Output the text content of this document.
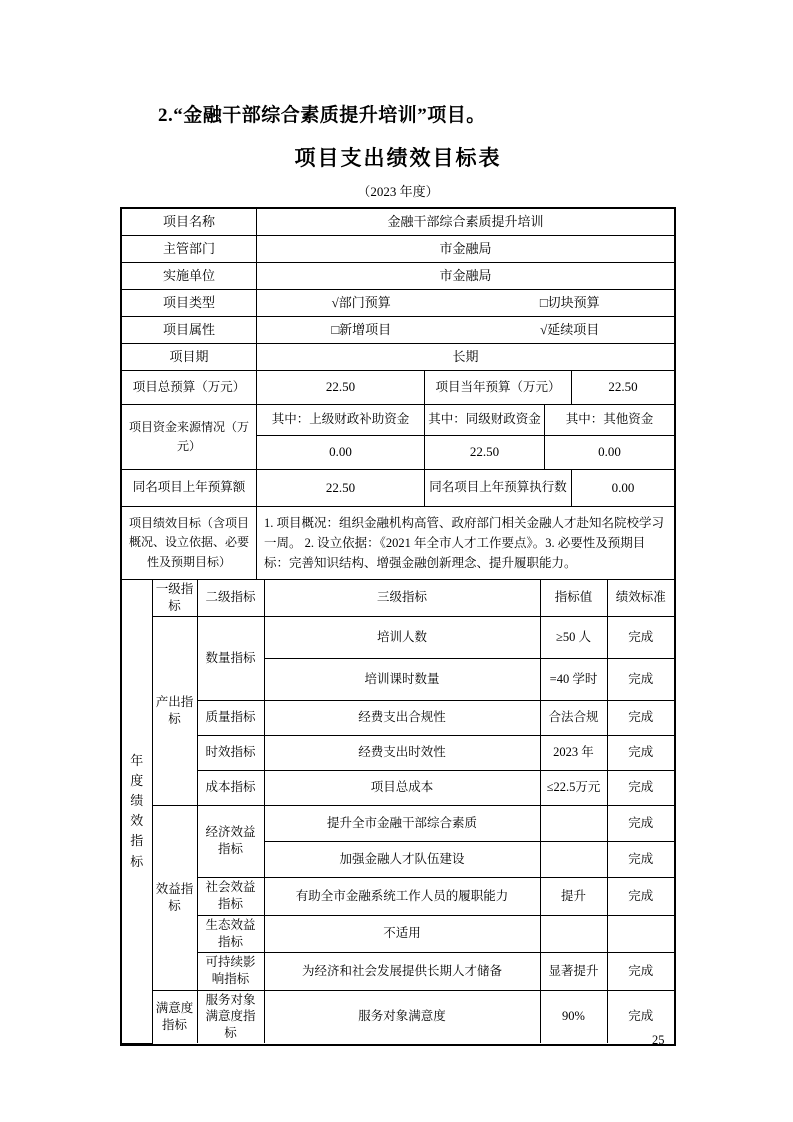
2.“金融干部综合素质提升培训”项目。
项目支出绩效目标表
（2023 年度）
项目名称	金融干部综合素质提升培训
主管部门	市金融局
实施单位	市金融局
项目类型	√部门预算	□切块预算
项目属性	□新增项目	√延续项目
项目期	长期
项目总预算（万元）	22.50	项目当年预算（万元）	22.50
项目资金来源情况（万元）
其中：上级财政补助资金	其中：同级财政资金	其中：其他资金
0.00	22.50	0.00
同名项目上年预算额	22.50	同名项目上年预算执行数	0.00
项目绩效目标（含项目概况、设立依据、必要性及预期目标）
1. 项目概况：组织金融机构高管、政府部门相关金融人才赴知名院校学习一周。 2. 设立依据：《2021 年全市人才工作要点》。3. 必要性及预期目标：完善知识结构、增强金融创新理念、提升履职能力。
年度绩效指标	一级指标	二级指标	三级指标	指标值	绩效标准
	产出指标	数量指标	培训人数	≥50 人	完成
			培训课时数量	=40 学时	完成
		质量指标	经费支出合规性	合法合规	完成
		时效指标	经费支出时效性	2023 年	完成
		成本指标	项目总成本	≤22.5万元	完成
	效益指标	经济效益指标	提升全市金融干部综合素质		完成
			加强金融人才队伍建设		完成
		社会效益指标	有助全市金融系统工作人员的履职能力	提升	完成
		生态效益指标	不适用		
		可持续影响指标	为经济和社会发展提供长期人才储备	显著提升	完成
	满意度指标	服务对象满意度指标	服务对象满意度	90%	完成
25
